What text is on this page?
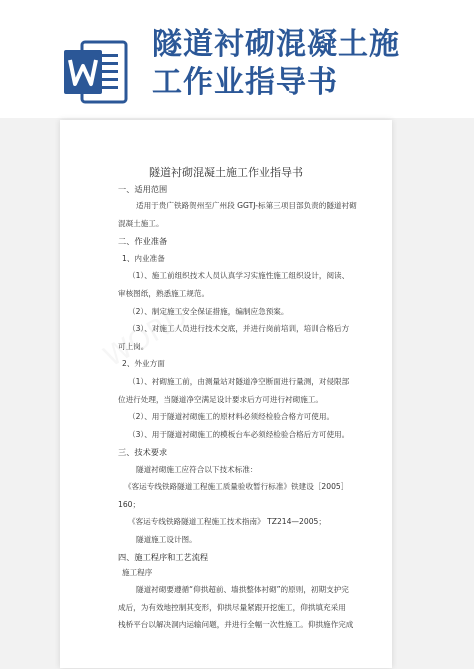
隧道衬砌混凝土施
工作业指导书
隧道衬砌混凝土施工作业指导书
一、适用范围
适用于贵广铁路贺州至广州段 GGTJ-标第三项目部负责的隧道衬砌
混凝土施工。
二、作业准备
1、内业准备
（1）、施工前组织技术人员认真学习实施性施工组织设计，阅读、
审核图纸，熟悉施工规范。
（2）、制定施工安全保证措施，编制应急预案。
（3）、对施工人员进行技术交底，并进行岗前培训，培训合格后方
可上岗。
2、外业方面
（1）、衬砌施工前，由测量站对隧道净空断面进行量测，对侵限部
位进行处理，当隧道净空满足设计要求后方可进行衬砌施工。
（2）、用于隧道衬砌施工的原材料必须经检验合格方可使用。
（3）、用于隧道衬砌施工的模板台车必须经检验合格后方可使用。
三、技术要求
隧道衬砌施工应符合以下技术标准：
《客运专线铁路隧道工程施工质量验收暂行标准》铁建设［2005］
160；
《客运专线铁路隧道工程施工技术指南》 TZ214—2005；
隧道施工设计图。
四、施工程序和工艺流程
施工程序
隧道衬砌要遵循“仰拱超前、墙拱整体衬砌”的原则，初期支护完
成后，为有效地控制其变形，仰拱尽量紧跟开挖施工，仰拱填充采用
栈桥平台以解决洞内运输问题，并进行全幅一次性施工。仰拱施作完成
